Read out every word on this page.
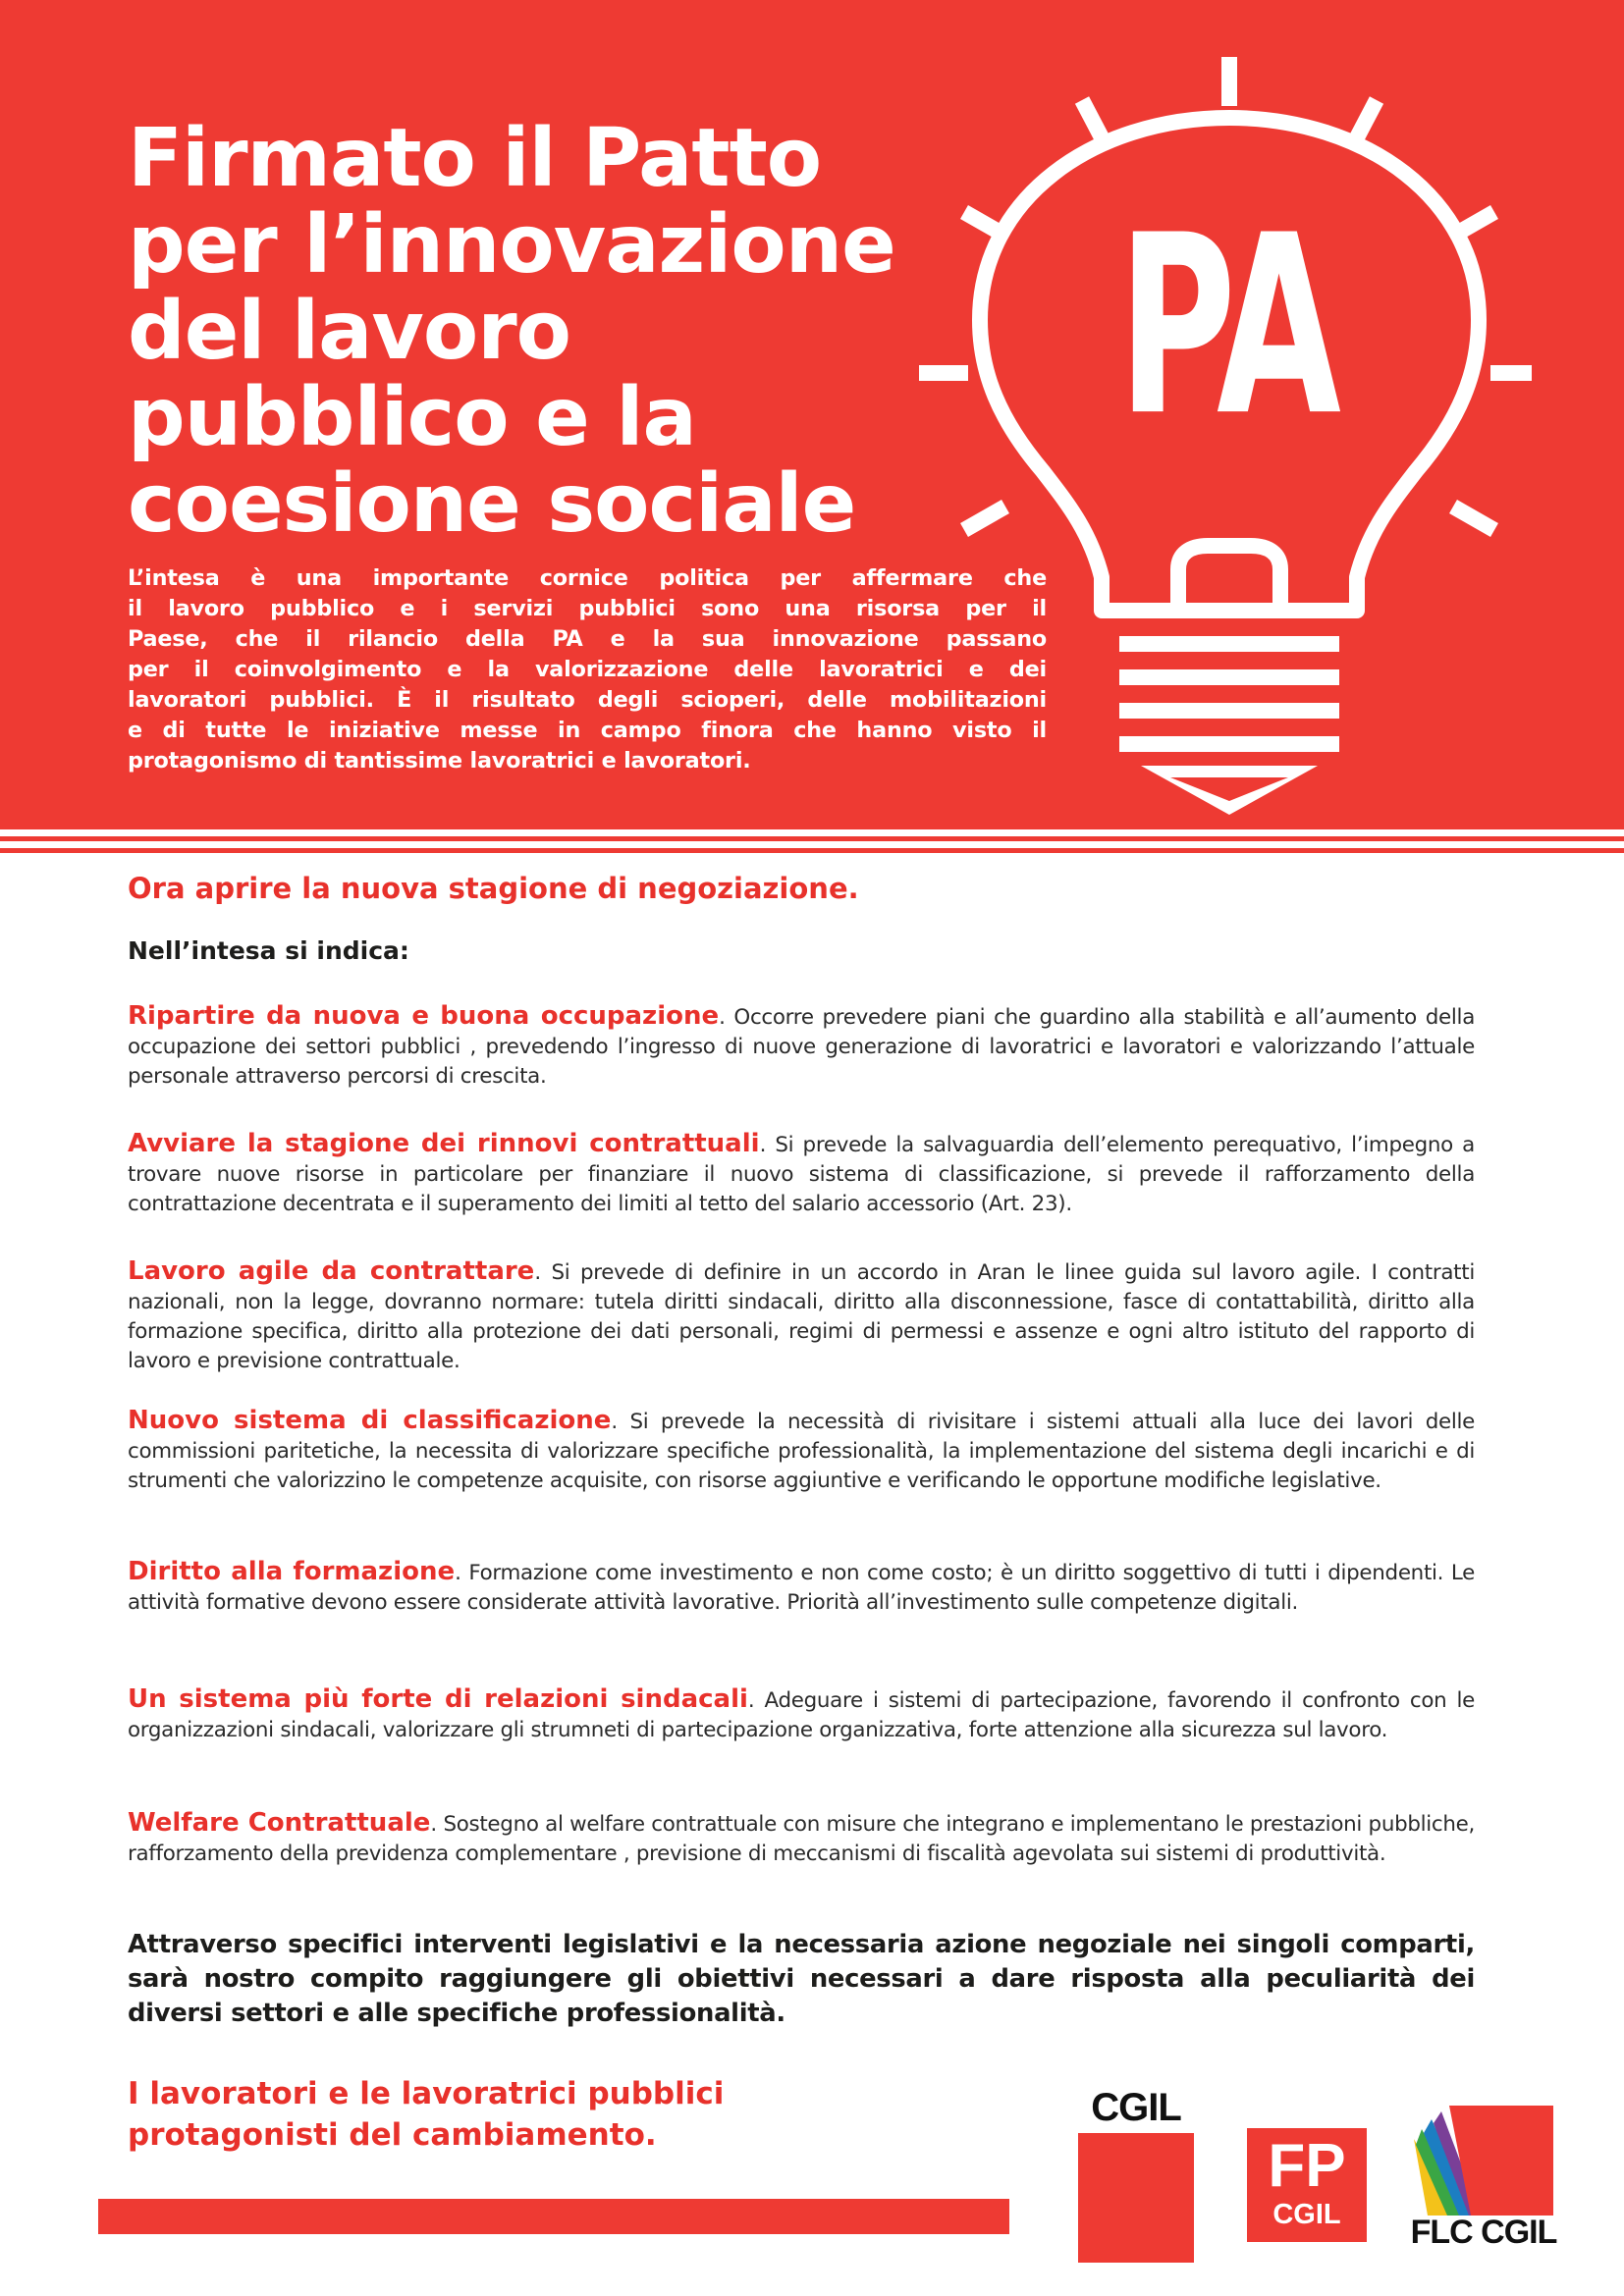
Firmato il Patto
per l’innovazione
del lavoro
pubblico e la
coesione sociale
L’intesa è una importante cornice politica per affermare che
il lavoro pubblico e i servizi pubblici sono una risorsa per il
Paese, che il rilancio della PA e la sua innovazione passano
per il coinvolgimento e la valorizzazione delle lavoratrici e dei
lavoratori pubblici. È il risultato degli scioperi, delle mobilitazioni
e di tutte le iniziative messe in campo finora che hanno visto il
protagonismo di tantissime lavoratrici e lavoratori.
PA
Ora aprire la nuova stagione di negoziazione.

Nell’intesa si indica:

Ripartire da nuova e buona occupazione. Occorre prevedere piani che guardino alla stabilità e all’aumento della occupazione dei settori pubblici , prevedendo l’ingresso di nuove generazione di lavoratrici e lavoratori e valorizzando l’attuale personale attraverso percorsi di crescita.

Avviare la stagione dei rinnovi contrattuali. Si prevede la salvaguardia dell’elemento perequativo, l’impegno a trovare nuove risorse in particolare per finanziare il nuovo sistema di classificazione, si prevede il rafforzamento della contrattazione decentrata e il superamento dei limiti al tetto del salario accessorio (Art. 23).

Lavoro agile da contrattare. Si prevede di definire in un accordo in Aran le linee guida sul lavoro agile. I contratti nazionali, non la legge, dovranno normare: tutela diritti sindacali, diritto alla disconnessione, fasce di contattabilità, diritto alla formazione specifica, diritto alla protezione dei dati personali, regimi di permessi e assenze e ogni altro istituto del rapporto di lavoro e previsione contrattuale.

Nuovo sistema di classificazione. Si prevede la necessità di rivisitare i sistemi attuali alla luce dei lavori delle commissioni paritetiche, la necessita di valorizzare specifiche professionalità, la implementazione del sistema degli incarichi e di strumenti che valorizzino le competenze acquisite, con risorse aggiuntive e verificando le opportune modifiche legislative.

Diritto alla formazione. Formazione come investimento e non come costo; è un diritto soggettivo di tutti i dipendenti. Le attività formative devono essere considerate attività lavorative. Priorità all’investimento sulle competenze digitali.

Un sistema più forte di relazioni sindacali. Adeguare i sistemi di partecipazione, favorendo il confronto con le organizzazioni sindacali, valorizzare gli strumneti di partecipazione organizzativa, forte attenzione alla sicurezza sul lavoro.

Welfare Contrattuale. Sostegno al welfare contrattuale con misure che integrano e implementano le prestazioni pubbliche, rafforzamento della previdenza complementare , previsione di meccanismi di fiscalità agevolata sui sistemi di produttività.

Attraverso specifici interventi legislativi e la necessaria azione negoziale nei singoli comparti, sarà nostro compito raggiungere gli obiettivi necessari a dare risposta alla peculiarità dei diversi settori e alle specifiche professionalità.

I lavoratori e le lavoratrici pubblici
protagonisti del cambiamento.

CGIL
FP
CGIL	FLC CGIL
